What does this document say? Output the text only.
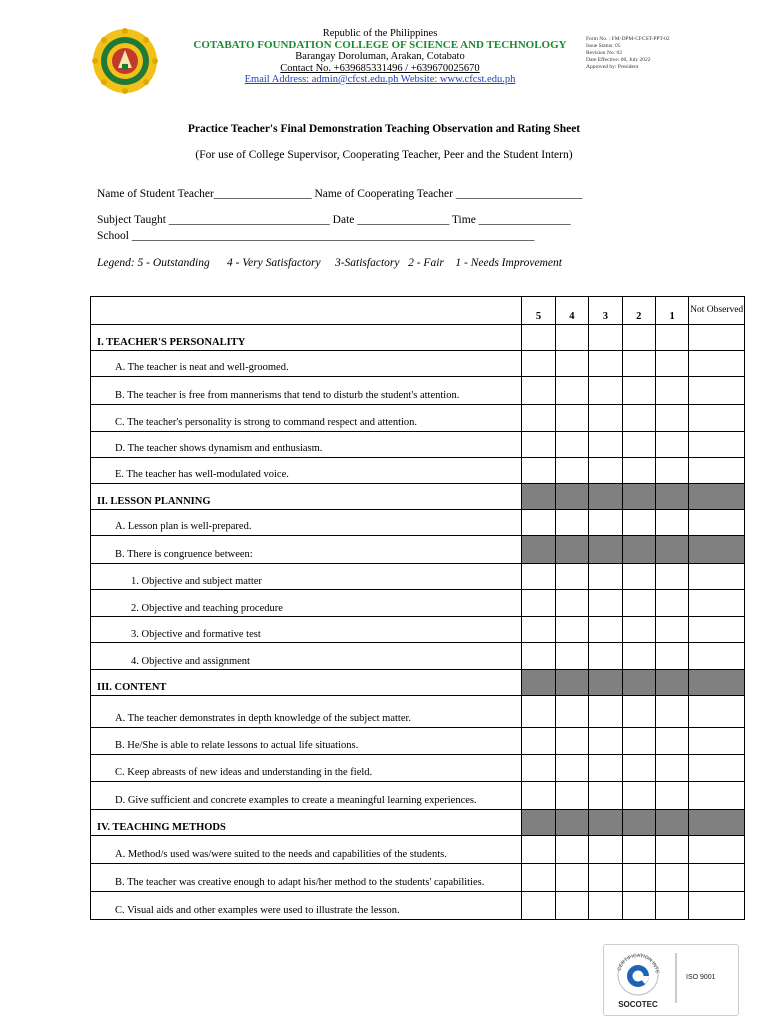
Republic of the Philippines
COTABATO FOUNDATION COLLEGE OF SCIENCE AND TECHNOLOGY
Barangay Doroluman, Arakan, Cotabato
Contact No. +639685331496 / +639670025670
Email Address: admin@cfcst.edu.ph Website: www.cfcst.edu.ph
Form No. : FM-DPM-CFCST-PPT-02
Issue Status: 05
Revision No: 02
Date Effective: 06, July 2022
Approved by: President
Practice Teacher's Final Demonstration Teaching Observation and Rating Sheet
(For use of College Supervisor, Cooperating Teacher, Peer and the Student Intern)
Name of Student Teacher_________________ Name of Cooperating Teacher ______________________
Subject Taught ____________________________ Date ________________ Time ________________
School ______________________________________________________________________
Legend: 5 - Outstanding      4 - Very Satisfactory     3-Satisfactory   2 - Fair    1 - Needs Improvement
	5	4	3	2	1	Not Observed
I. TEACHER'S PERSONALITY						
A. The teacher is neat and well-groomed.						
B. The teacher is free from mannerisms that tend to disturb the student's attention.						
C. The teacher's personality is strong to command respect and attention.						
D. The teacher shows dynamism and enthusiasm.						
E. The teacher has well-modulated voice.						
II. LESSON PLANNING						
A. Lesson plan is well-prepared.						
B. There is congruence between:						
1. Objective and subject matter						
2. Objective and teaching procedure						
3. Objective and formative test						
4. Objective and assignment						
III. CONTENT						
A. The teacher demonstrates in depth knowledge of the subject matter.						
B. He/She is able to relate lessons to actual life situations.						
C. Keep abreasts of new ideas and understanding in the field.						
D. Give sufficient and concrete examples to create a meaningful learning experiences.						
IV. TEACHING METHODS						
A. Method/s used was/were suited to the needs and capabilities of the students.						
B. The teacher was creative enough to adapt his/her method to the students' capabilities.						
C. Visual aids and other examples were used to illustrate the lesson.						
CERTIFICATION INTE
SOCOTEC
ISO 9001
